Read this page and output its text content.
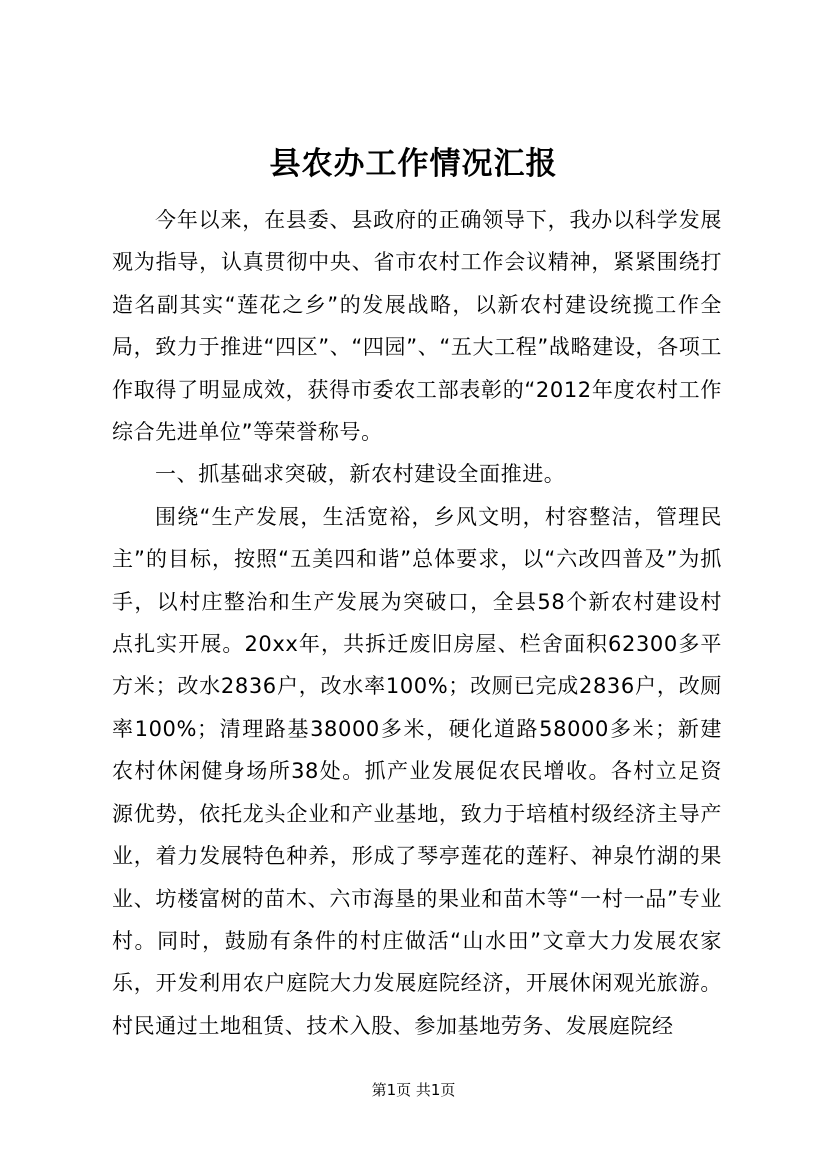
县农办工作情况汇报

今年以来，在县委、县政府的正确领导下，我办以科学发展观为指导，认真贯彻中央、省市农村工作会议精神，紧紧围绕打造名副其实“莲花之乡”的发展战略，以新农村建设统揽工作全局，致力于推进“四区”、“四园”、“五大工程”战略建设，各项工作取得了明显成效，获得市委农工部表彰的“2012年度农村工作综合先进单位”等荣誉称号。

一、抓基础求突破，新农村建设全面推进。

围绕“生产发展，生活宽裕，乡风文明，村容整洁，管理民主”的目标，按照“五美四和谐”总体要求，以“六改四普及”为抓手，以村庄整治和生产发展为突破口，全县58个新农村建设村点扎实开展。20xx年，共拆迁废旧房屋、栏舍面积62300多平方米；改水2836户，改水率100%；改厕已完成2836户，改厕率100%；清理路基38000多米，硬化道路58000多米；新建农村休闲健身场所38处。抓产业发展促农民增收。各村立足资源优势，依托龙头企业和产业基地，致力于培植村级经济主导产业，着力发展特色种养，形成了琴亭莲花的莲籽、神泉竹湖的果业、坊楼富树的苗木、六市海垦的果业和苗木等“一村一品”专业村。同时，鼓励有条件的村庄做活“山水田”文章大力发展农家乐，开发利用农户庭院大力发展庭院经济，开展休闲观光旅游。村民通过土地租赁、技术入股、参加基地劳务、发展庭院经

第1页 共1页
